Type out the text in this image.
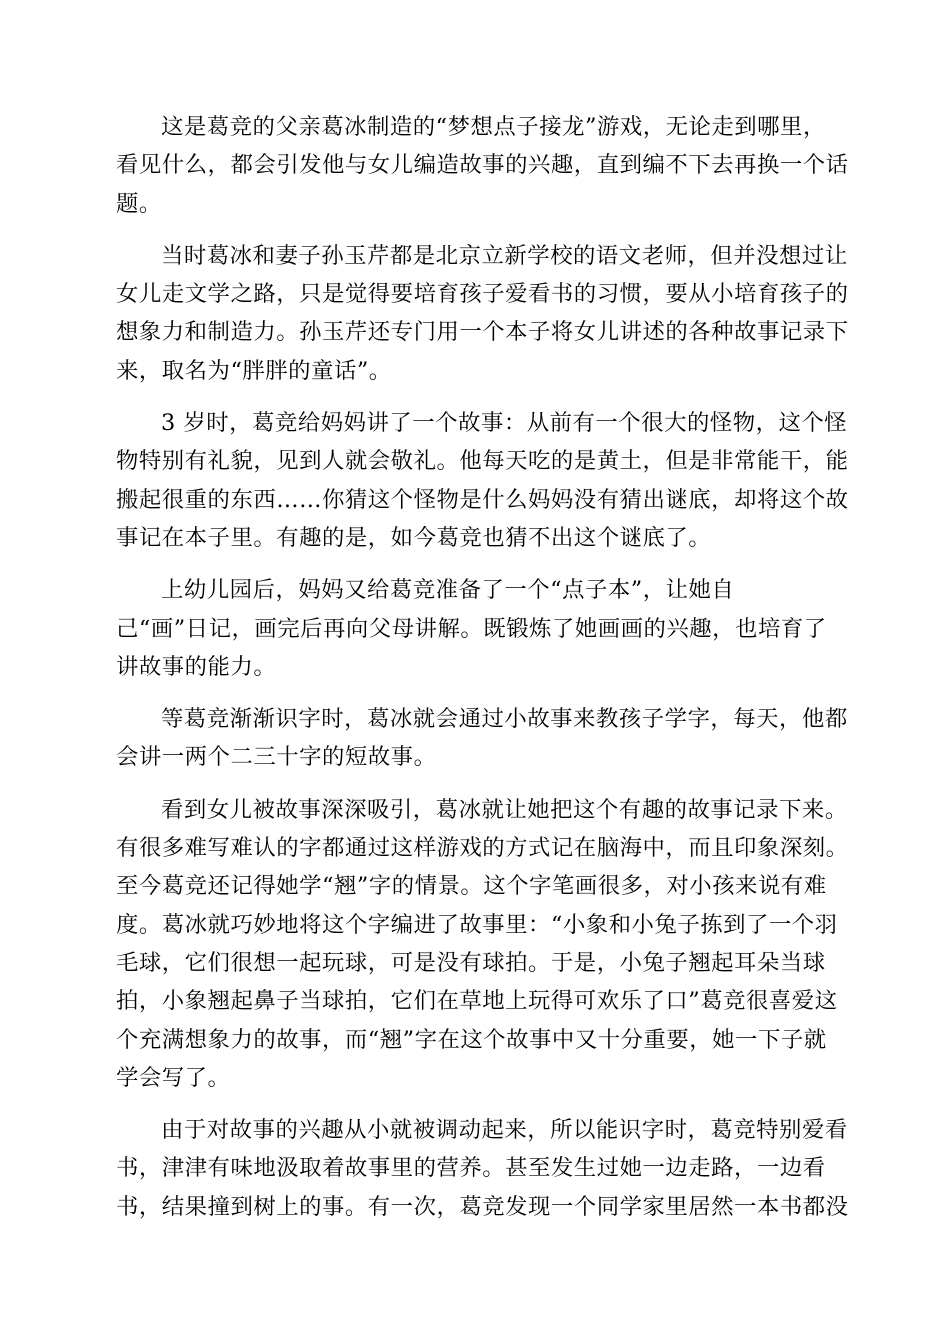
这是葛竞的父亲葛冰制造的“梦想点子接龙”游戏，无论走到哪里，
看见什么，都会引发他与女儿编造故事的兴趣，直到编不下去再换一个话
题。

当时葛冰和妻子孙玉芹都是北京立新学校的语文老师，但并没想过让
女儿走文学之路，只是觉得要培育孩子爱看书的习惯，要从小培育孩子的
想象力和制造力。孙玉芹还专门用一个本子将女儿讲述的各种故事记录下
来，取名为“胖胖的童话”。

3 岁时，葛竞给妈妈讲了一个故事：从前有一个很大的怪物，这个怪
物特别有礼貌，见到人就会敬礼。他每天吃的是黄土，但是非常能干，能
搬起很重的东西……你猜这个怪物是什么妈妈没有猜出谜底，却将这个故
事记在本子里。有趣的是，如今葛竞也猜不出这个谜底了。

上幼儿园后，妈妈又给葛竞准备了一个“点子本”，让她自
己“画”日记，画完后再向父母讲解。既锻炼了她画画的兴趣，也培育了
讲故事的能力。

等葛竞渐渐识字时，葛冰就会通过小故事来教孩子学字，每天，他都
会讲一两个二三十字的短故事。

看到女儿被故事深深吸引，葛冰就让她把这个有趣的故事记录下来。
有很多难写难认的字都通过这样游戏的方式记在脑海中，而且印象深刻。
至今葛竞还记得她学“翘”字的情景。这个字笔画很多，对小孩来说有难
度。葛冰就巧妙地将这个字编进了故事里：“小象和小兔子拣到了一个羽
毛球，它们很想一起玩球，可是没有球拍。于是，小兔子翘起耳朵当球
拍，小象翘起鼻子当球拍，它们在草地上玩得可欢乐了口”葛竞很喜爱这
个充满想象力的故事，而“翘”字在这个故事中又十分重要，她一下子就
学会写了。

由于对故事的兴趣从小就被调动起来，所以能识字时，葛竞特别爱看
书，津津有味地汲取着故事里的营养。甚至发生过她一边走路，一边看
书，结果撞到树上的事。有一次，葛竞发现一个同学家里居然一本书都没
